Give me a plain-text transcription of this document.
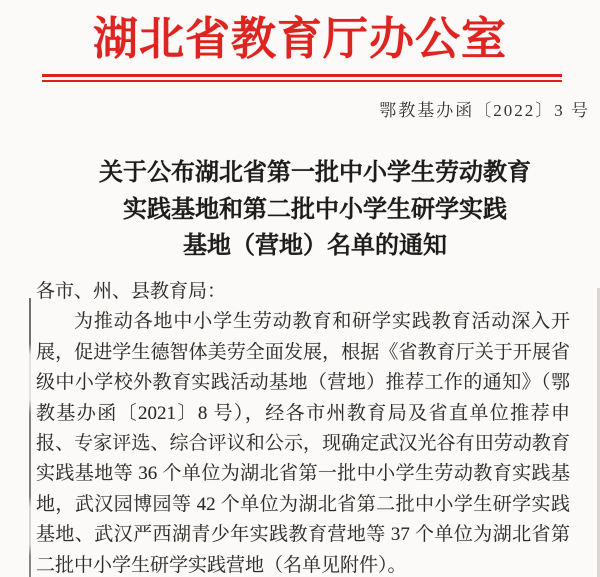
湖北省教育厅办公室
鄂教基办函〔2022〕3 号
关于公布湖北省第一批中小学生劳动教育
实践基地和第二批中小学生研学实践
基地（营地）名单的通知

各市、州、县教育局：

为推动各地中小学生劳动教育和研学实践教育活动深入开展，促进学生德智体美劳全面发展，根据《省教育厅关于开展省级中小学校外教育实践活动基地（营地）推荐工作的通知》（鄂教基办函〔2021〕8 号），经各市州教育局及省直单位推荐申报、专家评选、综合评议和公示，现确定武汉光谷有田劳动教育实践基地等 36 个单位为湖北省第一批中小学生劳动教育实践基地，武汉园博园等 42 个单位为湖北省第二批中小学生研学实践基地、武汉严西湖青少年实践教育营地等 37 个单位为湖北省第二批中小学生研学实践营地（名单见附件）。
